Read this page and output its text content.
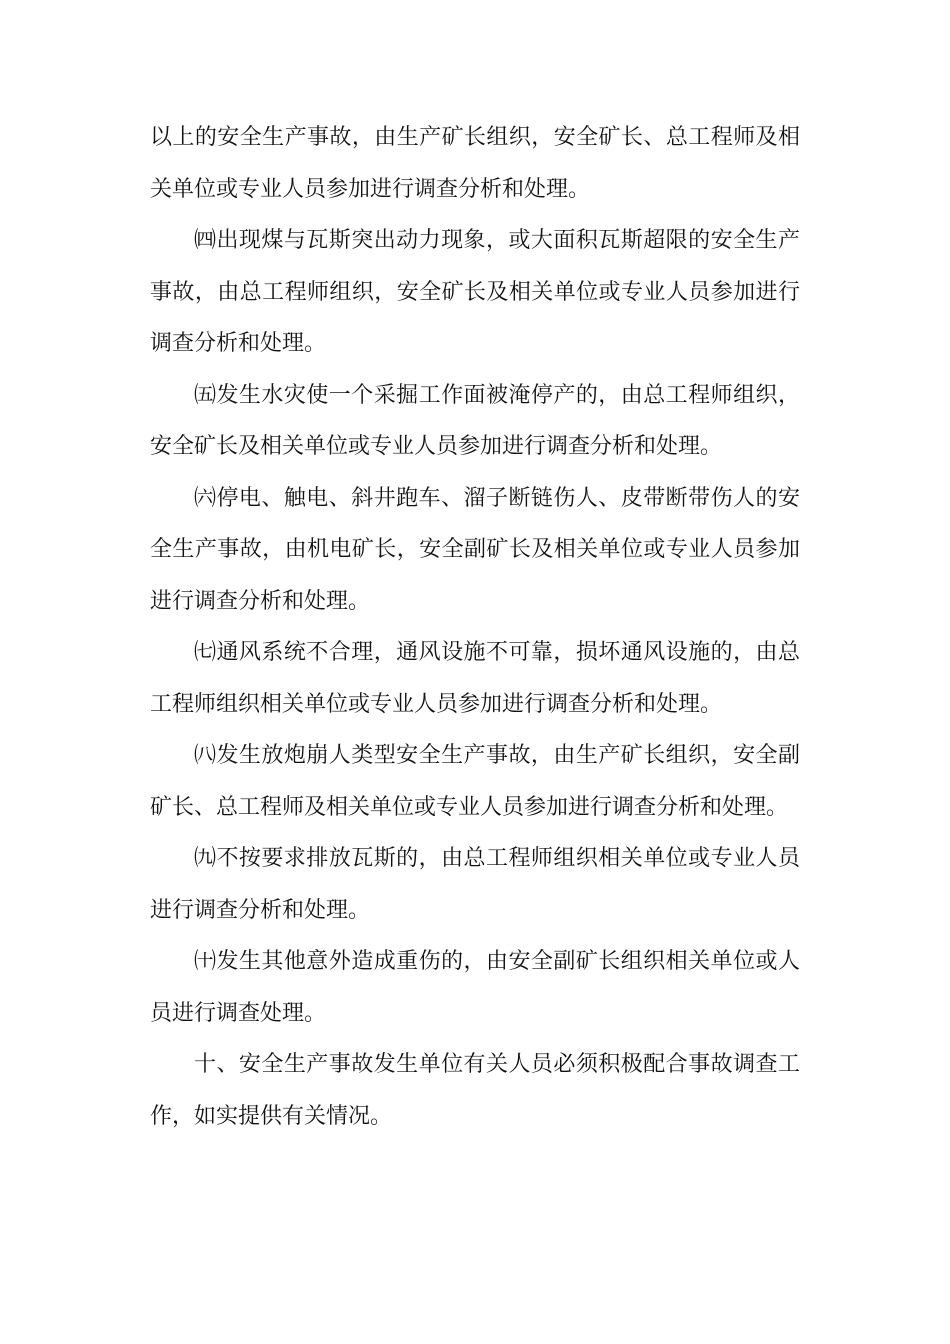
以上的安全生产事故，由生产矿长组织，安全矿长、总工程师及相关单位或专业人员参加进行调查分析和处理。

㈣出现煤与瓦斯突出动力现象，或大面积瓦斯超限的安全生产事故，由总工程师组织，安全矿长及相关单位或专业人员参加进行调查分析和处理。

㈤发生水灾使一个采掘工作面被淹停产的，由总工程师组织，安全矿长及相关单位或专业人员参加进行调查分析和处理。

㈥停电、触电、斜井跑车、溜子断链伤人、皮带断带伤人的安全生产事故，由机电矿长，安全副矿长及相关单位或专业人员参加进行调查分析和处理。

㈦通风系统不合理，通风设施不可靠，损坏通风设施的，由总工程师组织相关单位或专业人员参加进行调查分析和处理。

㈧发生放炮崩人类型安全生产事故，由生产矿长组织，安全副矿长、总工程师及相关单位或专业人员参加进行调查分析和处理。

㈨不按要求排放瓦斯的，由总工程师组织相关单位或专业人员进行调查分析和处理。

㈩发生其他意外造成重伤的，由安全副矿长组织相关单位或人员进行调查处理。

十、安全生产事故发生单位有关人员必须积极配合事故调查工作，如实提供有关情况。
